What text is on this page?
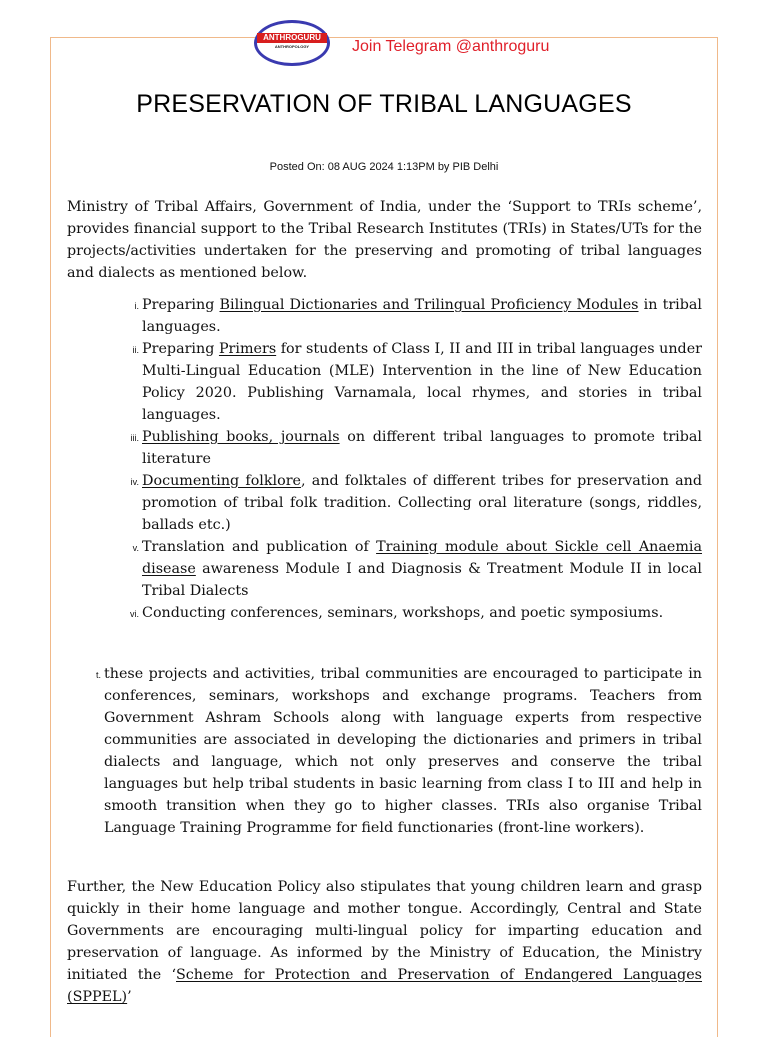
ANTHROGURU
ANTHROPOLOGY	Join Telegram @anthroguru
PRESERVATION OF TRIBAL LANGUAGES
Posted On: 08 AUG 2024 1:13PM by PIB Delhi

Ministry of Tribal Affairs, Government of India, under the ‘Support to TRIs scheme’, provides financial support to the Tribal Research Institutes (TRIs) in States/UTs for the projects/activities undertaken for the preserving and promoting of tribal languages and dialects as mentioned below.

i. Preparing Bilingual Dictionaries and Trilingual Proficiency Modules in tribal languages.
ii. Preparing Primers for students of Class I, II and III in tribal languages under Multi-Lingual Education (MLE) Intervention in the line of New Education Policy 2020. Publishing Varnamala, local rhymes, and stories in tribal languages.
iii. Publishing books, journals on different tribal languages to promote tribal literature
iv. Documenting folklore, and folktales of different tribes for preservation and promotion of tribal folk tradition. Collecting oral literature (songs, riddles, ballads etc.)
v. Translation and publication of Training module about Sickle cell Anaemia disease awareness Module I and Diagnosis & Treatment Module II in local Tribal Dialects
vi. Conducting conferences, seminars, workshops, and poetic symposiums.
t. these projects and activities, tribal communities are encouraged to participate in conferences, seminars, workshops and exchange programs. Teachers from Government Ashram Schools along with language experts from respective communities are associated in developing the dictionaries and primers in tribal dialects and language, which not only preserves and conserve the tribal languages but help tribal students in basic learning from class I to III and help in smooth transition when they go to higher classes. TRIs also organise Tribal Language Training Programme for field functionaries (front-line workers).

Further, the New Education Policy also stipulates that young children learn and grasp quickly in their home language and mother tongue. Accordingly, Central and State Governments are encouraging multi-lingual policy for imparting education and preservation of language. As informed by the Ministry of Education, the Ministry initiated the ‘Scheme for Protection and Preservation of Endangered Languages (SPPEL)’
